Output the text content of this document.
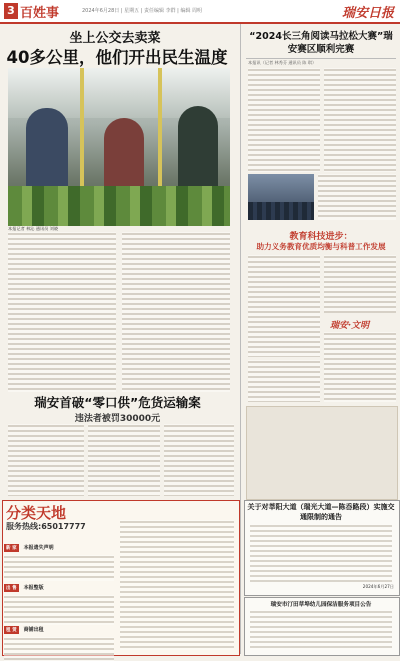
3 百姓事	2024年6月28日 | 星期五 | 责任编辑 李群 | 编辑 周明	瑞安日报
坐上公交去卖菜
40多公里，他们开出民生温度
本报记者 林沁 通讯员 刘晓
瑞安首破“零口供”危货运输案
违法者被罚30000元
分类天地
服务热线:65017777
新 家 本报遗失声明
出 售 本报整版
租 赁 商铺出租
“2024长三角阅读马拉松大赛”瑞安赛区顺利完赛
本报讯（记者 林秀芬 通讯员 陈 琪）
教育科技进步：
助力义务教育优质均衡与科普工作发展
瑞安·文明
关于对莘阳大道（瑞光大道—陈岙路段）实施交通限制的通告
2024年6月27日
瑞安市汀田草埠幼儿园保洁服务项目公告
